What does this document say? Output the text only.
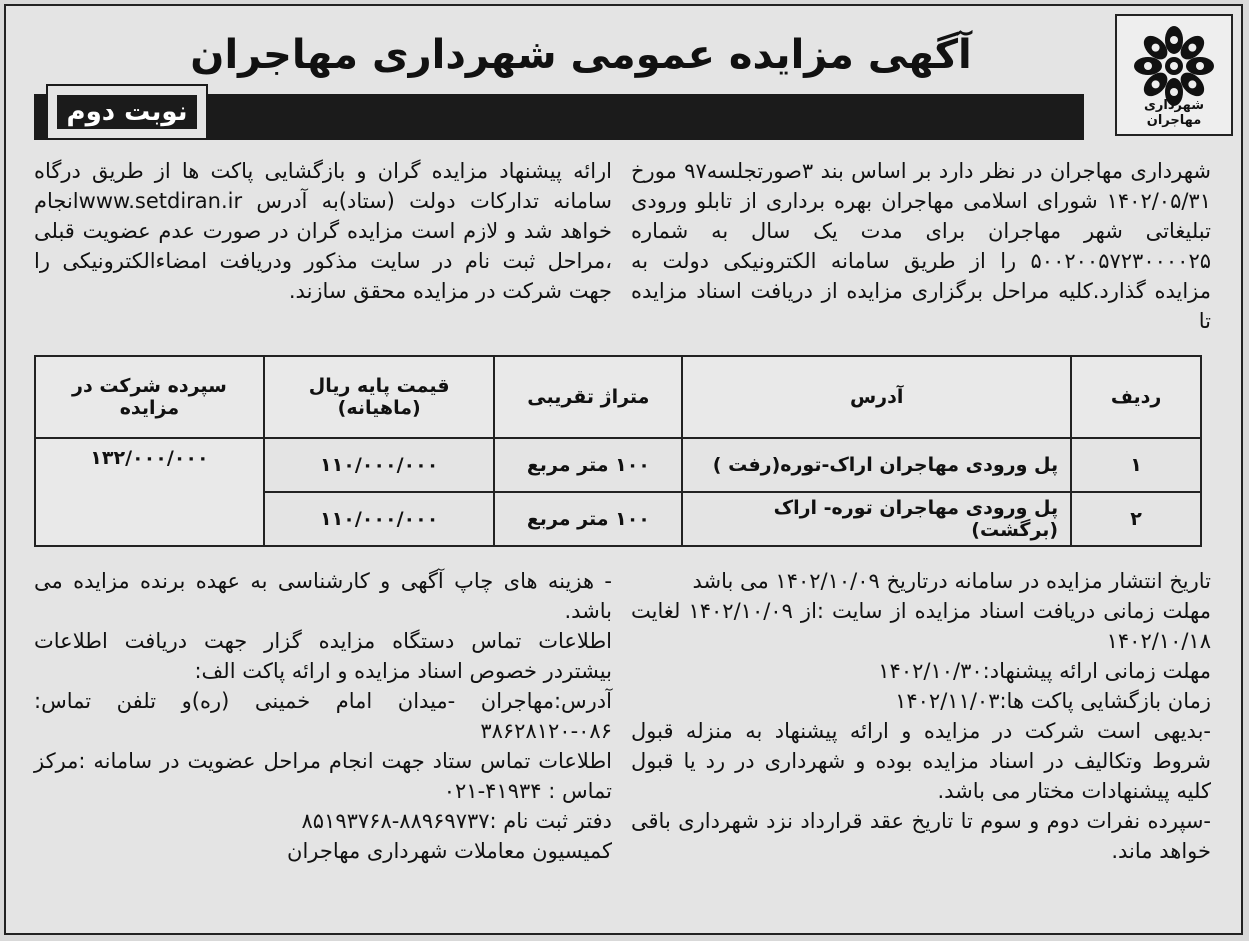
شهرداری مهاجران
آگهی مزایده عمومی شهرداری مهاجران
نوبت دوم

شهرداری مهاجران در نظر دارد بر اساس بند ۳صورتجلسه۹۷ مورخ ۱۴۰۲/۰۵/۳۱ شورای اسلامی مهاجران بهره برداری از تابلو ورودی تبلیغاتی شهر مهاجران برای مدت یک سال به شماره ۵۰۰۲۰۰۵۷۲۳۰۰۰۰۲۵ را از طریق سامانه الکترونیکی دولت به مزایده گذارد.کلیه مراحل برگزاری مزایده از دریافت اسناد مزایده تا

ارائه پیشنهاد مزایده گران و بازگشایی پاکت ها از طریق درگاه سامانه تدارکات دولت (ستاد)به آدرس www.setdiran.irانجام خواهد شد و لازم است مزایده گران در صورت عدم عضویت قبلی ،مراحل ثبت نام در سایت مذکور ودریافت امضاءالکترونیکی را جهت شرکت در مزایده محقق سازند.

ردیف	آدرس	متراژ تقریبی	قیمت پایه ریال (ماهیانه)	سپرده شرکت در مزایده
۱	پل ورودی مهاجران اراک-توره(رفت )	۱۰۰ متر مربع	۱۱۰/۰۰۰/۰۰۰	۱۳۲/۰۰۰/۰۰۰
۲	پل ورودی مهاجران توره- اراک (برگشت)	۱۰۰ متر مربع	۱۱۰/۰۰۰/۰۰۰	

تاریخ انتشار مزایده در سامانه درتاریخ ۱۴۰۲/۱۰/۰۹ می باشد

مهلت زمانی دریافت اسناد مزایده از سایت :از ۱۴۰۲/۱۰/۰۹ لغایت ۱۴۰۲/۱۰/۱۸

مهلت زمانی ارائه پیشنهاد:۱۴۰۲/۱۰/۳۰

زمان بازگشایی پاکت ها:۱۴۰۲/۱۱/۰۳

-بدیهی است شرکت در مزایده و ارائه پیشنهاد به منزله قبول شروط وتکالیف در اسناد مزایده بوده و شهرداری در رد یا قبول کلیه پیشنهادات مختار می باشد.

-سپرده نفرات دوم و سوم تا تاریخ عقد قرارداد نزد شهرداری باقی خواهد ماند.

- هزینه های چاپ آگهی و کارشناسی به عهده برنده مزایده می باشد.

اطلاعات تماس دستگاه مزایده گزار جهت دریافت اطلاعات بیشتردر خصوص اسناد مزایده و ارائه پاکت الف:

آدرس:مهاجران -میدان امام خمینی (ره)و تلفن تماس: ۰۸۶-۳۸۶۲۸۱۲۰

اطلاعات تماس ستاد جهت انجام مراحل عضویت در سامانه :مرکز تماس : ۴۱۹۳۴-۰۲۱

دفتر ثبت نام :۸۸۹۶۹۷۳۷-۸۵۱۹۳۷۶۸

کمیسیون معاملات شهرداری مهاجران
